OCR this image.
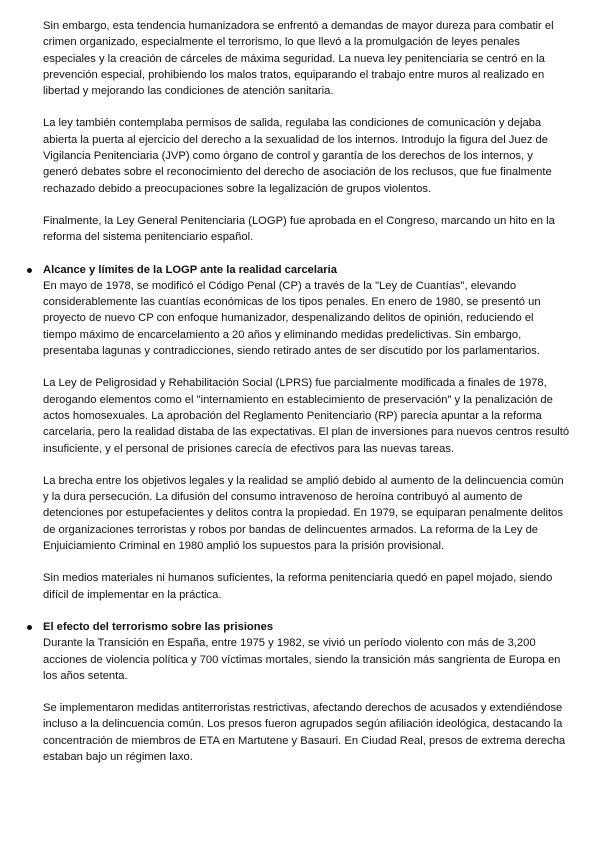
Sin embargo, esta tendencia humanizadora se enfrentó a demandas de mayor dureza para combatir el crimen organizado, especialmente el terrorismo, lo que llevó a la promulgación de leyes penales especiales y la creación de cárceles de máxima seguridad. La nueva ley penitenciaria se centró en la prevención especial, prohibiendo los malos tratos, equiparando el trabajo entre muros al realizado en libertad y mejorando las condiciones de atención sanitaria.

La ley también contemplaba permisos de salida, regulaba las condiciones de comunicación y dejaba abierta la puerta al ejercicio del derecho a la sexualidad de los internos. Introdujo la figura del Juez de Vigilancia Penitenciaria (JVP) como órgano de control y garantía de los derechos de los internos, y generó debates sobre el reconocimiento del derecho de asociación de los reclusos, que fue finalmente rechazado debido a preocupaciones sobre la legalización de grupos violentos.

Finalmente, la Ley General Penitenciaria (LOGP) fue aprobada en el Congreso, marcando un hito en la reforma del sistema penitenciario español.

Alcance y límites de la LOGP ante la realidad carcelaria

En mayo de 1978, se modificó el Código Penal (CP) a través de la "Ley de Cuantías", elevando considerablemente las cuantías económicas de los tipos penales. En enero de 1980, se presentó un proyecto de nuevo CP con enfoque humanizador, despenalizando delitos de opinión, reduciendo el tiempo máximo de encarcelamiento a 20 años y eliminando medidas predelictivas. Sin embargo, presentaba lagunas y contradicciones, siendo retirado antes de ser discutido por los parlamentarios.

La Ley de Peligrosidad y Rehabilitación Social (LPRS) fue parcialmente modificada a finales de 1978, derogando elementos como el "internamiento en establecimiento de preservación" y la penalización de actos homosexuales. La aprobación del Reglamento Penitenciario (RP) parecía apuntar a la reforma carcelaria, pero la realidad distaba de las expectativas. El plan de inversiones para nuevos centros resultó insuficiente, y el personal de prisiones carecía de efectivos para las nuevas tareas.

La brecha entre los objetivos legales y la realidad se amplió debido al aumento de la delincuencia común y la dura persecución. La difusión del consumo intravenoso de heroína contribuyó al aumento de detenciones por estupefacientes y delitos contra la propiedad. En 1979, se equiparan penalmente delitos de organizaciones terroristas y robos por bandas de delincuentes armados. La reforma de la Ley de Enjuiciamiento Criminal en 1980 amplió los supuestos para la prisión provisional.

Sin medios materiales ni humanos suficientes, la reforma penitenciaria quedó en papel mojado, siendo difícil de implementar en la práctica.

El efecto del terrorismo sobre las prisiones

Durante la Transición en España, entre 1975 y 1982, se vivió un período violento con más de 3,200 acciones de violencia política y 700 víctimas mortales, siendo la transición más sangrienta de Europa en los años setenta.

Se implementaron medidas antiterroristas restrictivas, afectando derechos de acusados y extendiéndose incluso a la delincuencia común. Los presos fueron agrupados según afiliación ideológica, destacando la concentración de miembros de ETA en Martutene y Basauri. En Ciudad Real, presos de extrema derecha estaban bajo un régimen laxo.
